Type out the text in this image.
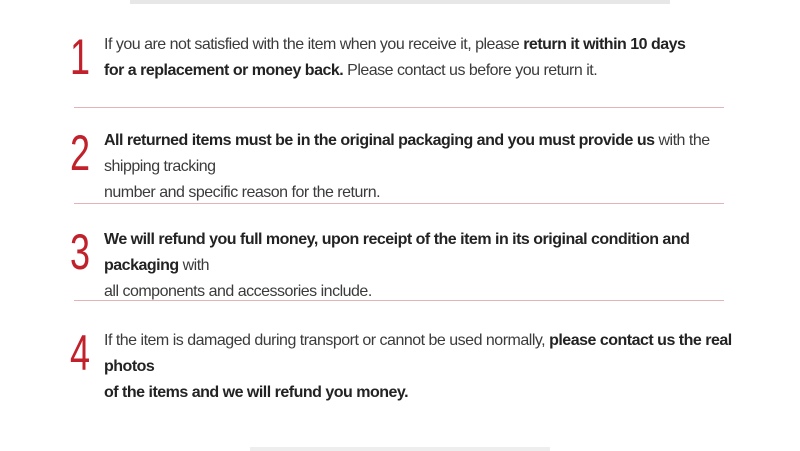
1 If you are not satisfied with the item when you receive it, please return it within 10 days
for a replacement or money back. Please contact us before you return it.
2 All returned items must be in the original packaging and you must provide us with the shipping tracking
number and specific reason for the return.
3 We will refund you full money, upon receipt of the item in its original condition and packaging with
all components and accessories include.
4 If the item is damaged during transport or cannot be used normally, please contact us the real photos
of the items and we will refund you money.
